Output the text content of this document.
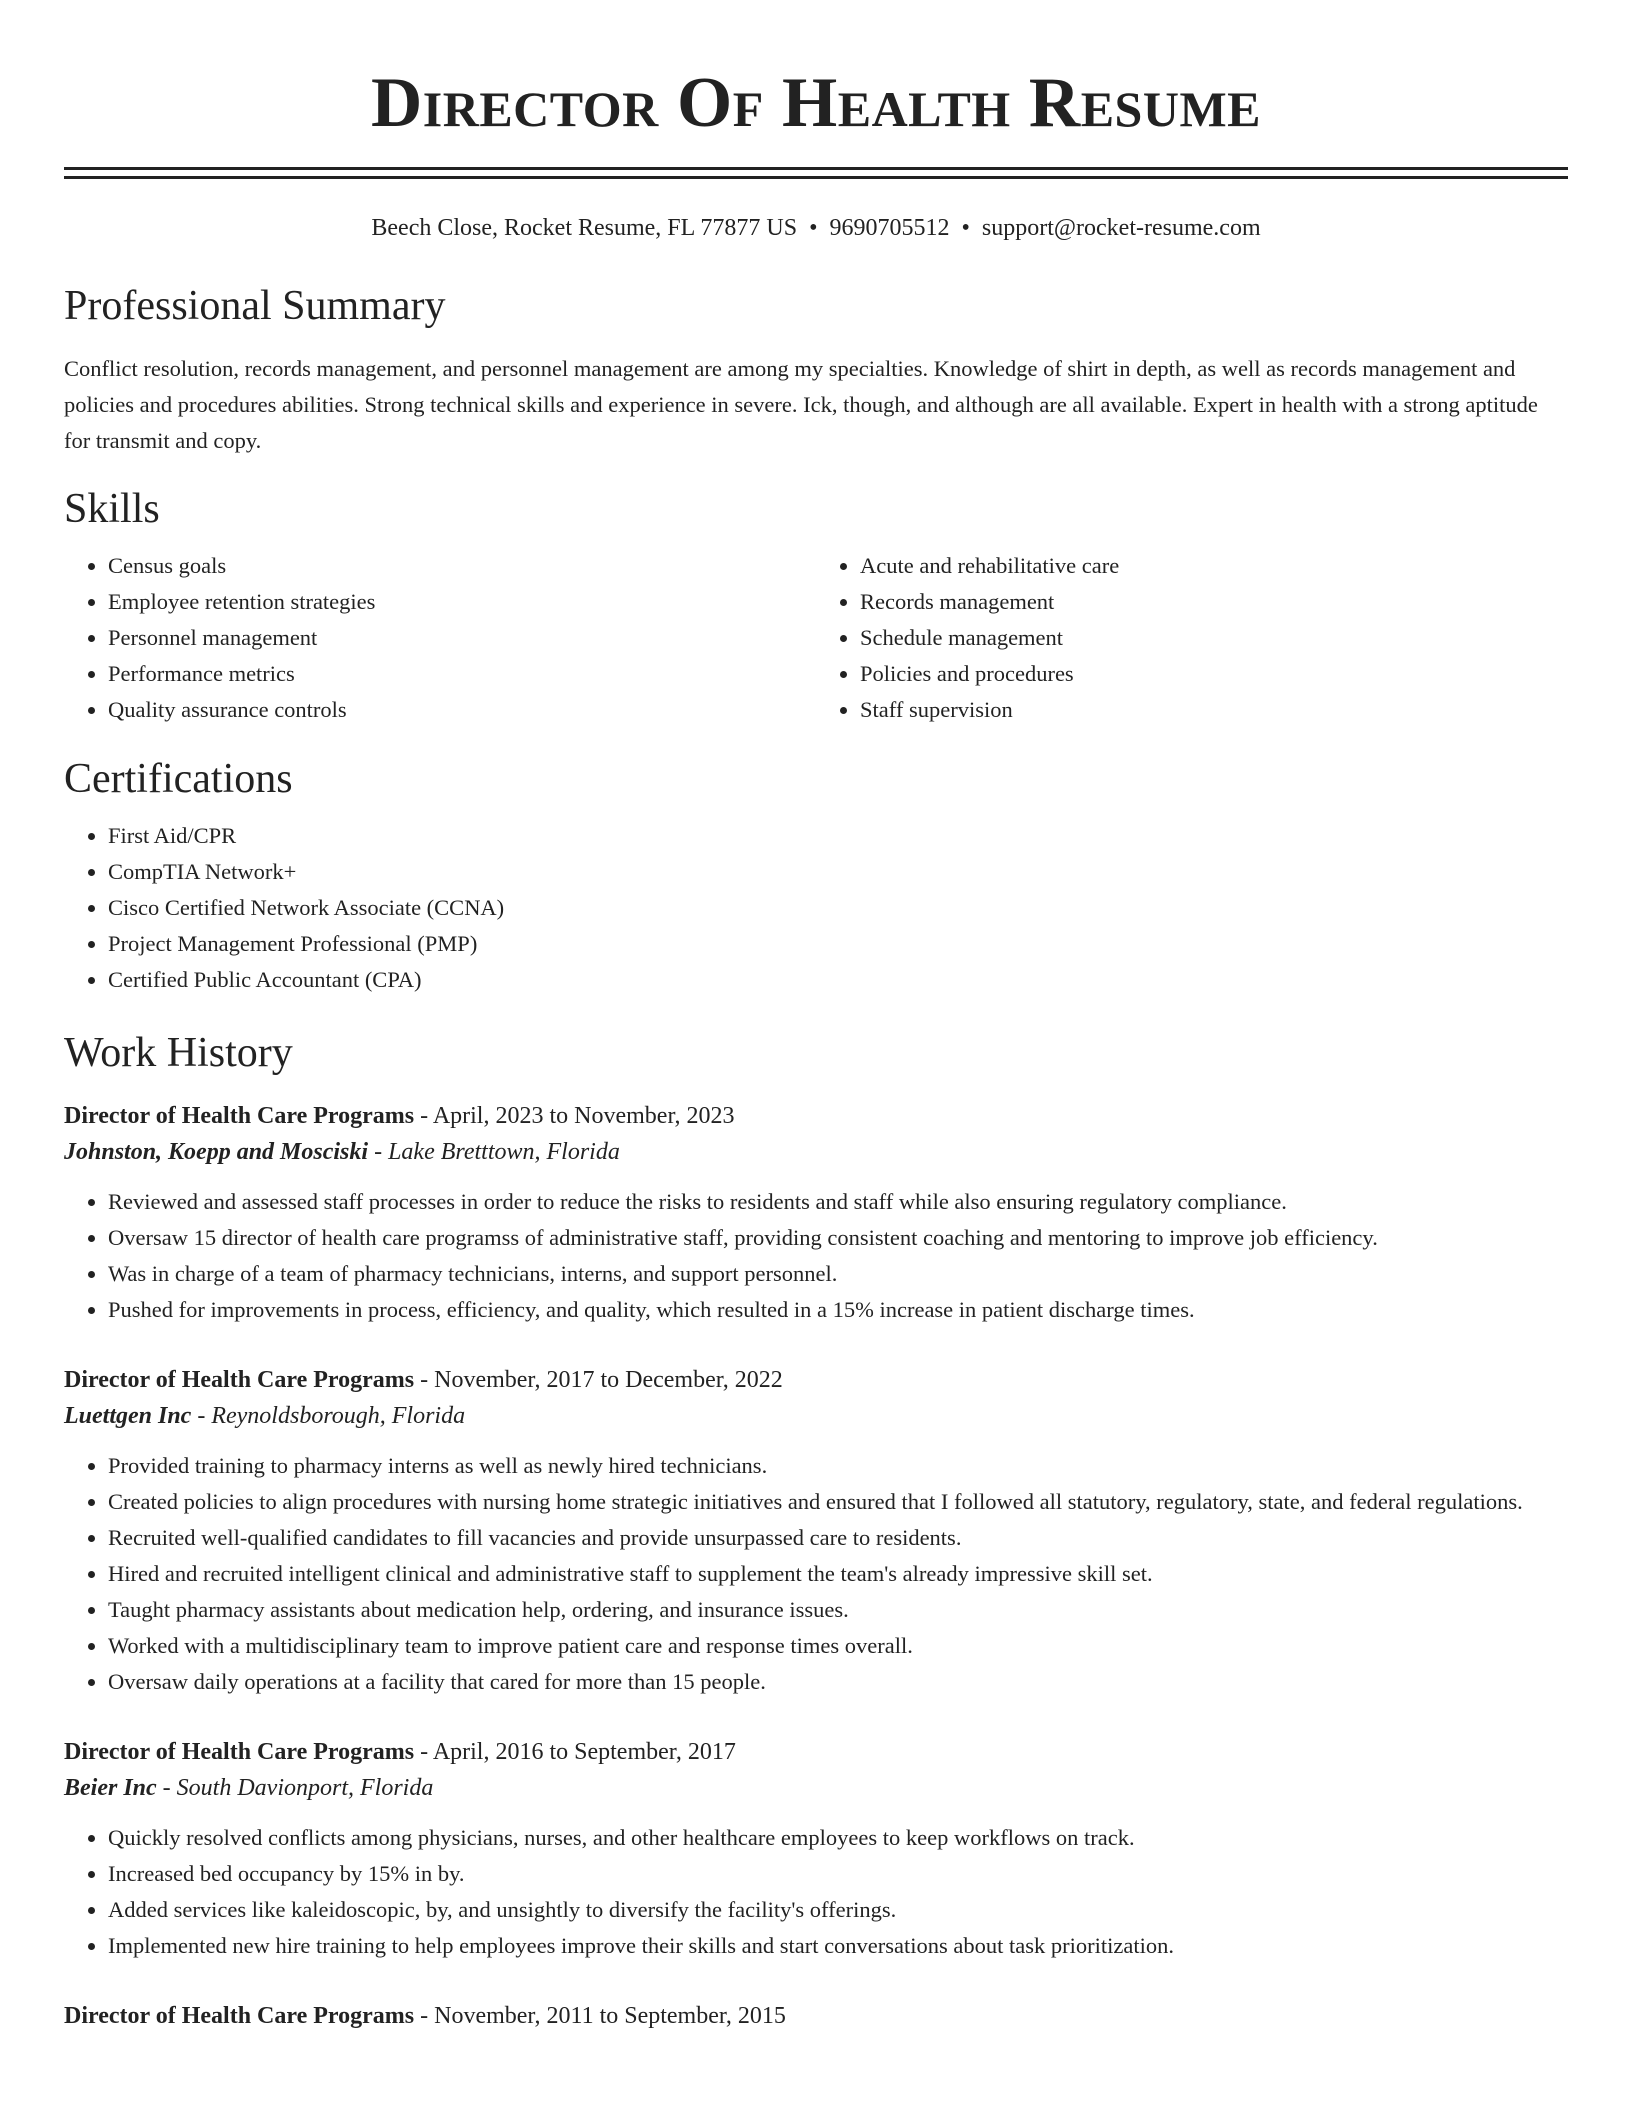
Director Of Health Resume
Beech Close, Rocket Resume, FL 77877 US • 9690705512 • support@rocket-resume.com
Professional Summary

Conflict resolution, records management, and personnel management are among my specialties. Knowledge of shirt in depth, as well as records management and policies and procedures abilities. Strong technical skills and experience in severe. Ick, though, and although are all available. Expert in health with a strong aptitude for transmit and copy.

Skills
• Census goals
• Employee retention strategies
• Personnel management
• Performance metrics
• Quality assurance controls
• Acute and rehabilitative care
• Records management
• Schedule management
• Policies and procedures
• Staff supervision
Certifications
• First Aid/CPR
• CompTIA Network+
• Cisco Certified Network Associate (CCNA)
• Project Management Professional (PMP)
• Certified Public Accountant (CPA)
Work History
Director of Health Care Programs - April, 2023 to November, 2023
Johnston, Koepp and Mosciski - Lake Bretttown, Florida
• Reviewed and assessed staff processes in order to reduce the risks to residents and staff while also ensuring regulatory compliance.
• Oversaw 15 director of health care programss of administrative staff, providing consistent coaching and mentoring to improve job efficiency.
• Was in charge of a team of pharmacy technicians, interns, and support personnel.
• Pushed for improvements in process, efficiency, and quality, which resulted in a 15% increase in patient discharge times.
Director of Health Care Programs - November, 2017 to December, 2022
Luettgen Inc - Reynoldsborough, Florida
• Provided training to pharmacy interns as well as newly hired technicians.
• Created policies to align procedures with nursing home strategic initiatives and ensured that I followed all statutory, regulatory, state, and federal regulations.
• Recruited well-qualified candidates to fill vacancies and provide unsurpassed care to residents.
• Hired and recruited intelligent clinical and administrative staff to supplement the team's already impressive skill set.
• Taught pharmacy assistants about medication help, ordering, and insurance issues.
• Worked with a multidisciplinary team to improve patient care and response times overall.
• Oversaw daily operations at a facility that cared for more than 15 people.
Director of Health Care Programs - April, 2016 to September, 2017
Beier Inc - South Davionport, Florida
• Quickly resolved conflicts among physicians, nurses, and other healthcare employees to keep workflows on track.
• Increased bed occupancy by 15% in by.
• Added services like kaleidoscopic, by, and unsightly to diversify the facility's offerings.
• Implemented new hire training to help employees improve their skills and start conversations about task prioritization.
Director of Health Care Programs - November, 2011 to September, 2015
